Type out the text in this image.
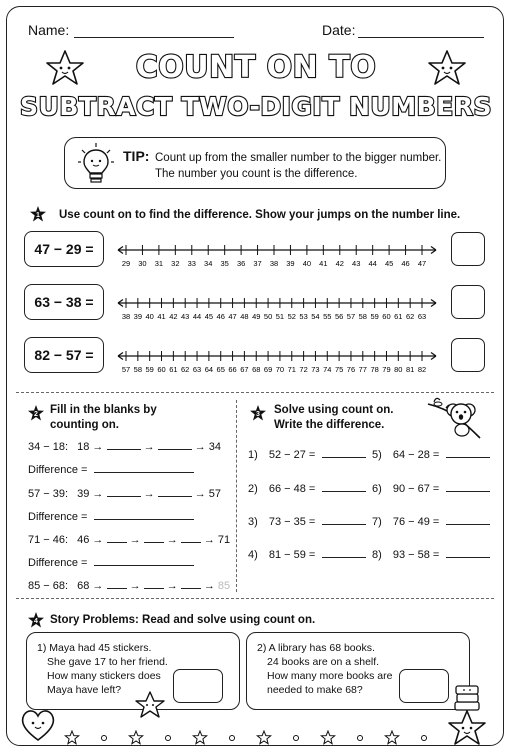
Name:	Date:
COUNT ON TO
SUBTRACT TWO-DIGIT NUMBERS
TIP: Count up from the smaller number to the bigger number.
The number you count is the difference.
1 Use count on to find the difference. Show your jumps on the number line.
47 − 29 =
63 − 38 =
82 − 57 =
29 30 31 32 33 34 35 36 37 38 39 40 41 42 43 44 45 46 47
38 39 40 41 42 43 44 45 46 47 48 49 50 51 52 53 54 55 56 57 58 59 60 61 62 63
57 58 59 60 61 62 63 64 65 66 67 68 69 70 71 72 73 74 75 76 77 78 79 80 81 82
2 Fill in the blanks by
counting on.
34 − 18: 18 →	→	→ 34
Difference =
57 − 39: 39 →	→	→ 57
Difference =
71 − 46: 46 → → → → 71
Difference =
85 − 68: 68 → → → → 85
3 Solve using count on.
Write the difference.
1) 52 − 27 =
2) 66 − 48 =
3) 73 − 35 =
4) 81 − 59 =
5) 64 − 28 =
6) 90 − 67 =
7) 76 − 49 =
8) 93 − 58 =
4 Story Problems: Read and solve using count on.
1) Maya had 45 stickers.
She gave 17 to her friend.
How many stickers does
Maya have left?
2) A library has 68 books.
24 books are on a shelf.
How many more books are
needed to make 68?
